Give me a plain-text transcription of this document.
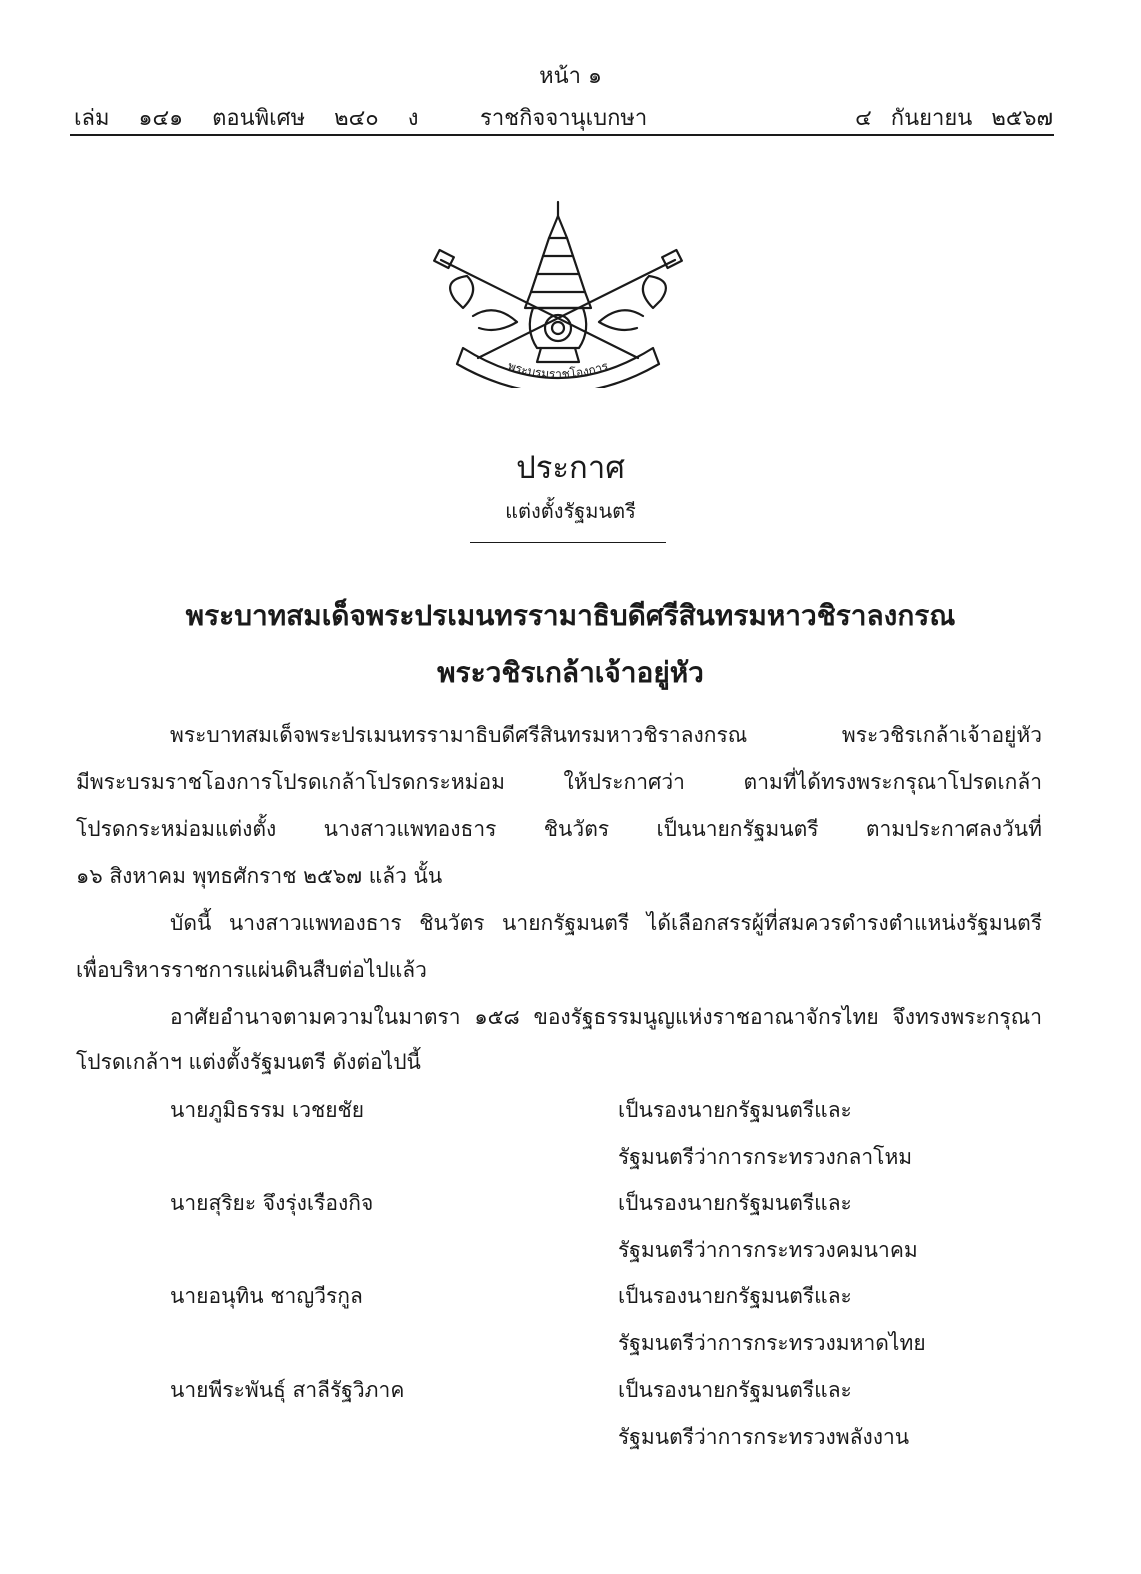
หน้า ๑
เล่ม ๑๔๑ ตอนพิเศษ ๒๔๐ ง	ราชกิจจานุเบกษา	๔ กันยายน ๒๕๖๗
พระบรมราชโองการ
ประกาศ
แต่งตั้งรัฐมนตรี
พระบาทสมเด็จพระปรเมนทรรามาธิบดีศรีสินทรมหาวชิราลงกรณ
พระวชิรเกล้าเจ้าอยู่หัว
พระบาทสมเด็จพระปรเมนทรรามาธิบดีศรีสินทรมหาวชิราลงกรณ พระวชิรเกล้าเจ้าอยู่หัว
มีพระบรมราชโองการโปรดเกล้าโปรดกระหม่อม ให้ประกาศว่า ตามที่ได้ทรงพระกรุณาโปรดเกล้า
โปรดกระหม่อมแต่งตั้ง นางสาวแพทองธาร ชินวัตร เป็นนายกรัฐมนตรี ตามประกาศลงวันที่
๑๖ สิงหาคม พุทธศักราช ๒๕๖๗ แล้ว นั้น
บัดนี้ นางสาวแพทองธาร ชินวัตร นายกรัฐมนตรี ได้เลือกสรรผู้ที่สมควรดำรงตำแหน่งรัฐมนตรี
เพื่อบริหารราชการแผ่นดินสืบต่อไปแล้ว
อาศัยอำนาจตามความในมาตรา ๑๕๘ ของรัฐธรรมนูญแห่งราชอาณาจักรไทย จึงทรงพระกรุณา
โปรดเกล้าฯ แต่งตั้งรัฐมนตรี ดังต่อไปนี้
นายภูมิธรรม เวชยชัย	เป็นรองนายกรัฐมนตรีและ
รัฐมนตรีว่าการกระทรวงกลาโหม
นายสุริยะ จึงรุ่งเรืองกิจ	เป็นรองนายกรัฐมนตรีและ
รัฐมนตรีว่าการกระทรวงคมนาคม
นายอนุทิน ชาญวีรกูล	เป็นรองนายกรัฐมนตรีและ
รัฐมนตรีว่าการกระทรวงมหาดไทย
นายพีระพันธุ์ สาลีรัฐวิภาค	เป็นรองนายกรัฐมนตรีและ
รัฐมนตรีว่าการกระทรวงพลังงาน
